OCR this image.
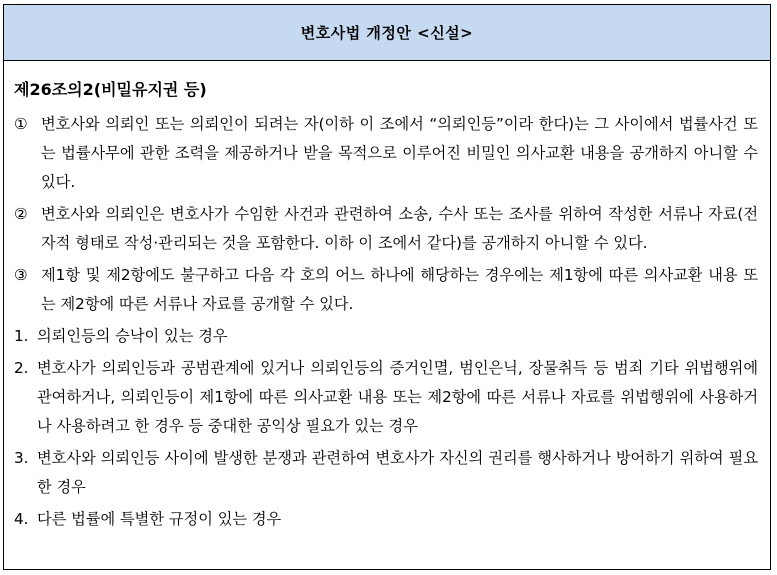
변호사법 개정안 <신설>
제26조의2(비밀유지권 등)
① 변호사와 의뢰인 또는 의뢰인이 되려는 자(이하 이 조에서 “의뢰인등”이라 한다)는 그 사이에서 법률사건 또는 법률사무에 관한 조력을 제공하거나 받을 목적으로 이루어진 비밀인 의사교환 내용을 공개하지 아니할 수 있다.
② 변호사와 의뢰인은 변호사가 수임한 사건과 관련하여 소송, 수사 또는 조사를 위하여 작성한 서류나 자료(전자적 형태로 작성·관리되는 것을 포함한다. 이하 이 조에서 같다)를 공개하지 아니할 수 있다.
③ 제1항 및 제2항에도 불구하고 다음 각 호의 어느 하나에 해당하는 경우에는 제1항에 따른 의사교환 내용 또는 제2항에 따른 서류나 자료를 공개할 수 있다.
1. 의뢰인등의 승낙이 있는 경우
2. 변호사가 의뢰인등과 공범관계에 있거나 의뢰인등의 증거인멸, 범인은닉, 장물취득 등 범죄 기타 위법행위에 관여하거나, 의뢰인등이 제1항에 따른 의사교환 내용 또는 제2항에 따른 서류나 자료를 위법행위에 사용하거나 사용하려고 한 경우 등 중대한 공익상 필요가 있는 경우
3. 변호사와 의뢰인등 사이에 발생한 분쟁과 관련하여 변호사가 자신의 권리를 행사하거나 방어하기 위하여 필요한 경우
4. 다른 법률에 특별한 규정이 있는 경우
